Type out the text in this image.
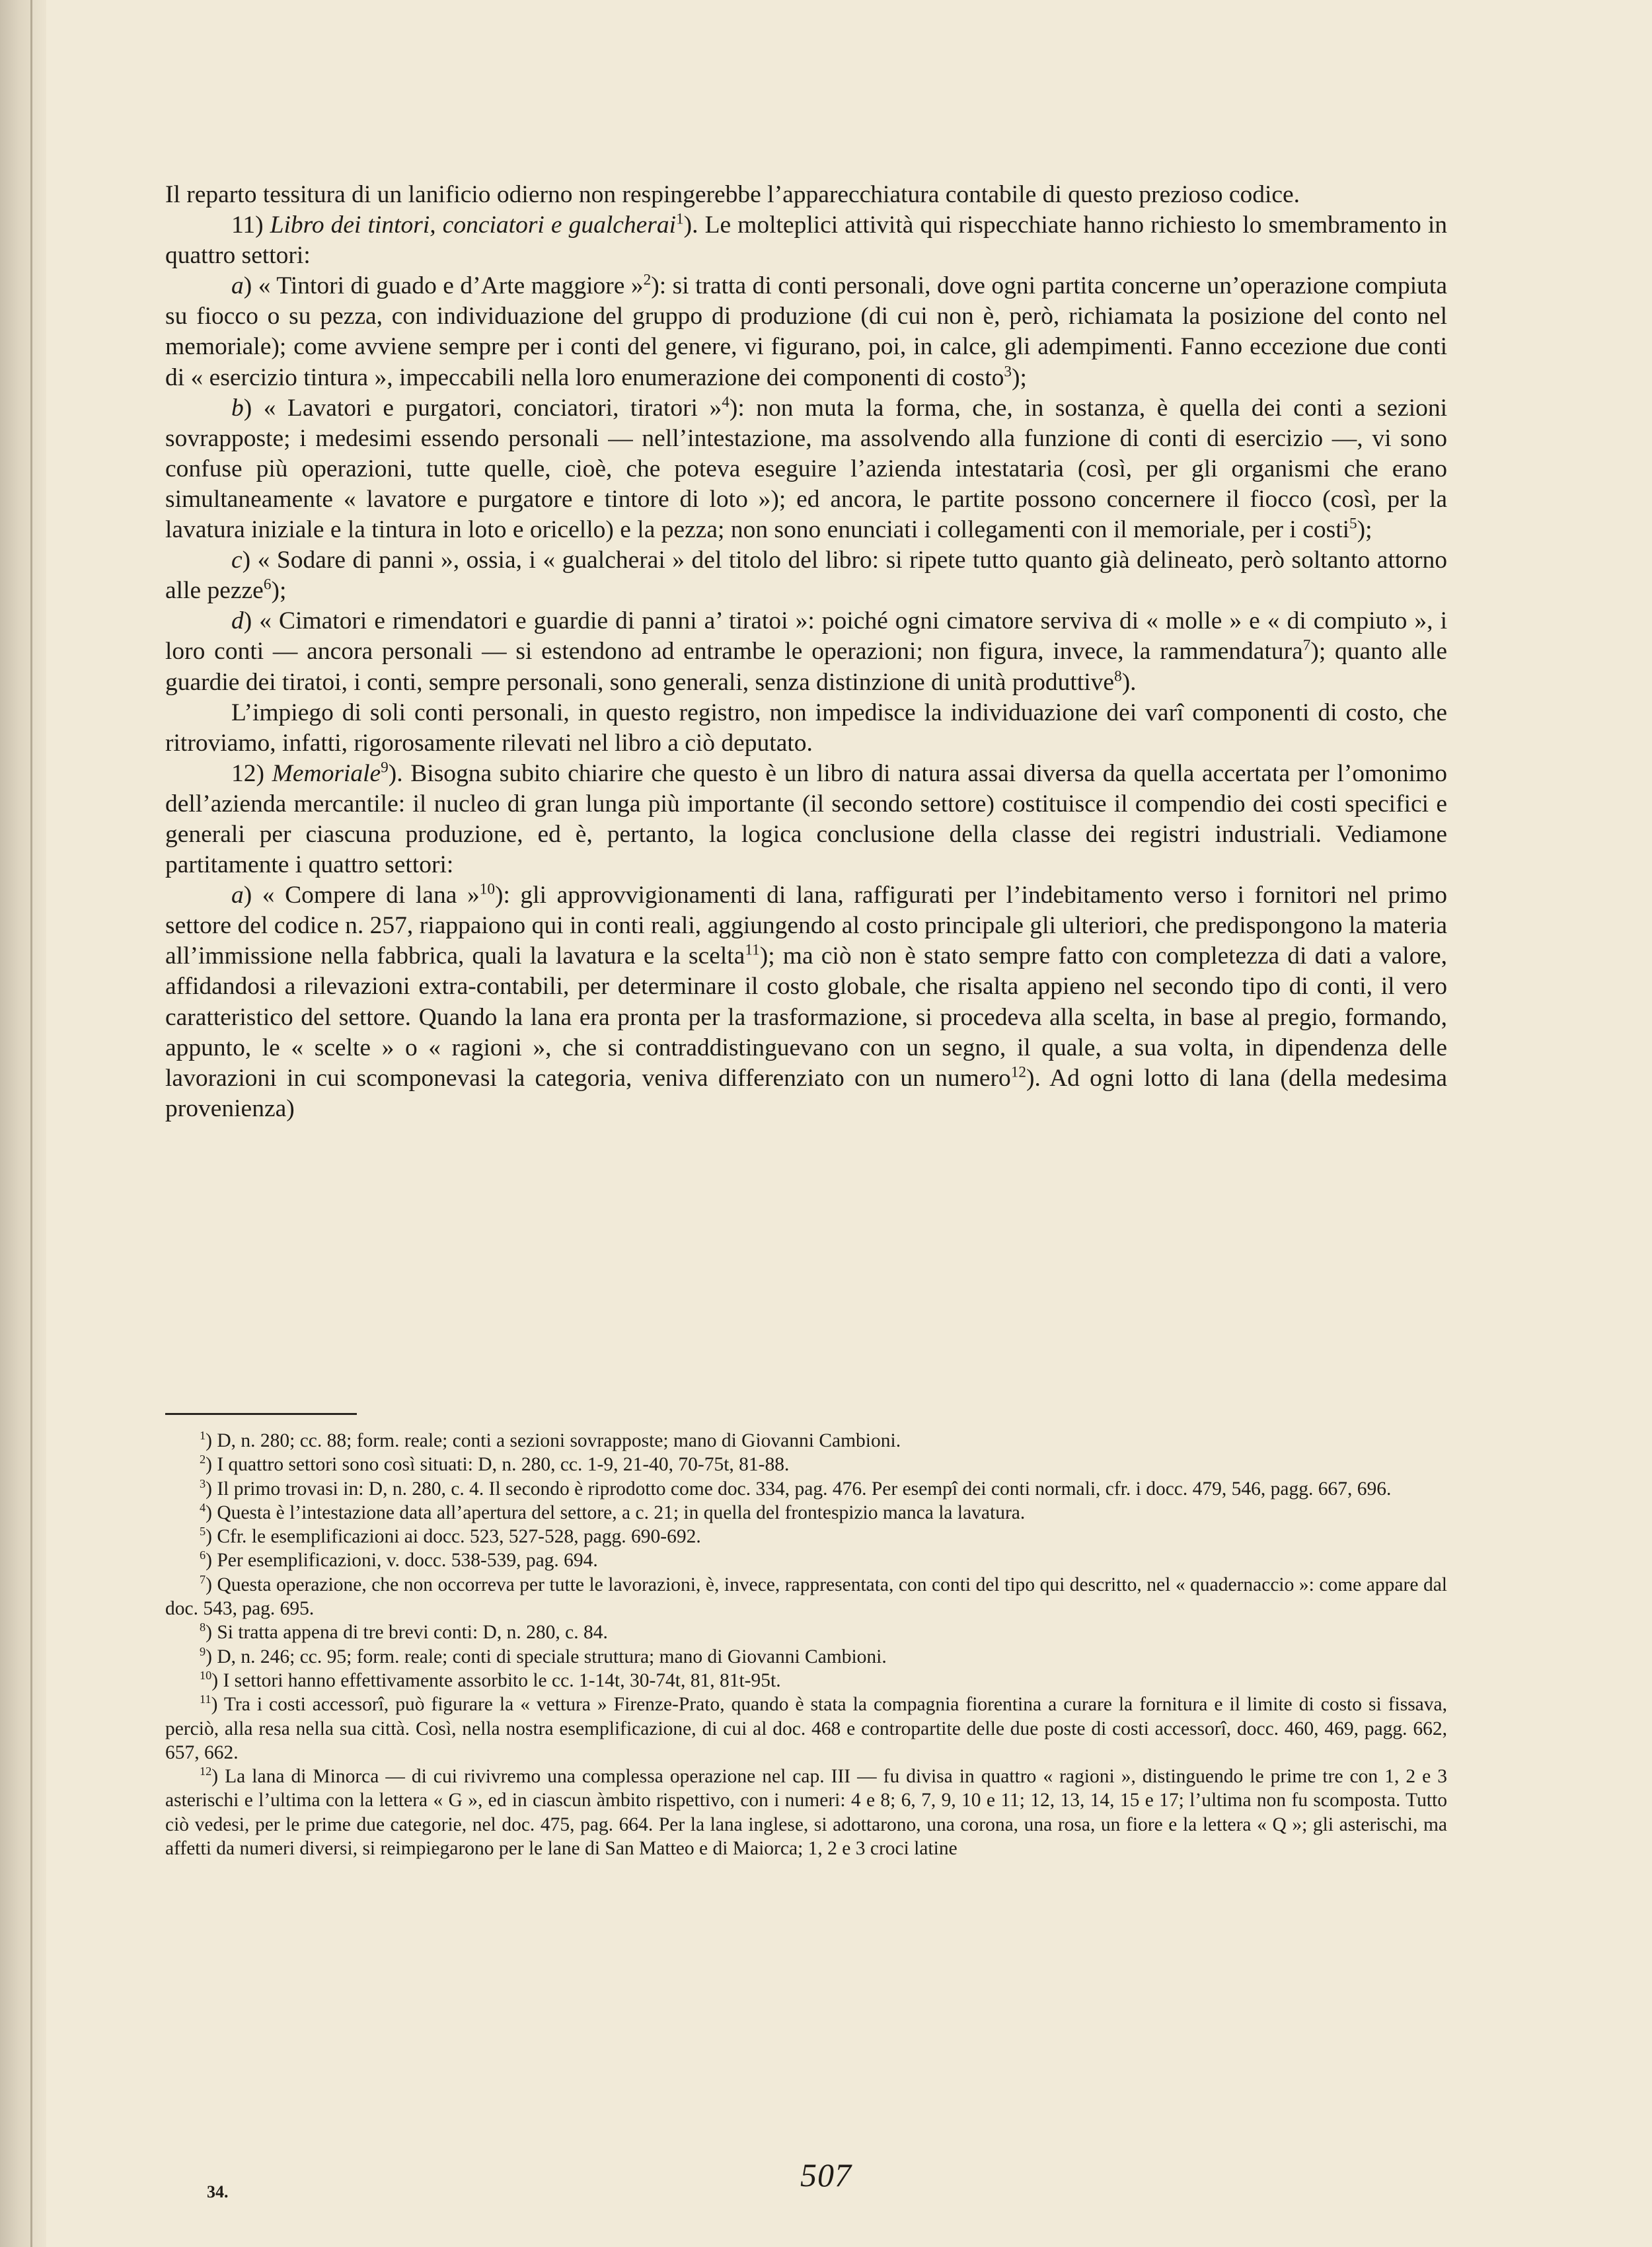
Il reparto tessitura di un lanificio odierno non respingerebbe l’apparecchiatura contabile di questo prezioso codice.

11) Libro dei tintori, conciatori e gualcherai$^1$). Le molteplici attività qui rispecchiate hanno richiesto lo smembramento in quattro settori:

a) « Tintori di guado e d’Arte maggiore »$^2$): si tratta di conti personali, dove ogni partita concerne un’operazione compiuta su fiocco o su pezza, con individuazione del gruppo di produzione (di cui non è, però, richiamata la posizione del conto nel memoriale); come avviene sempre per i conti del genere, vi figurano, poi, in calce, gli adempimenti. Fanno eccezione due conti di « esercizio tintura », impeccabili nella loro enumerazione dei componenti di costo$^3$);

b) « Lavatori e purgatori, conciatori, tiratori »$^4$): non muta la forma, che, in sostanza, è quella dei conti a sezioni sovrapposte; i medesimi essendo personali — nell’intestazione, ma assolvendo alla funzione di conti di esercizio —, vi sono confuse più operazioni, tutte quelle, cioè, che poteva eseguire l’azienda intestataria (così, per gli organismi che erano simultaneamente « lavatore e purgatore e tintore di loto »); ed ancora, le partite possono concernere il fiocco (così, per la lavatura iniziale e la tintura in loto e oricello) e la pezza; non sono enunciati i collegamenti con il memoriale, per i costi$^5$);

c) « Sodare di panni », ossia, i « gualcherai » del titolo del libro: si ripete tutto quanto già delineato, però soltanto attorno alle pezze$^6$);

d) « Cimatori e rimendatori e guardie di panni a’ tiratoi »: poiché ogni cimatore serviva di « molle » e « di compiuto », i loro conti — ancora personali — si estendono ad entrambe le operazioni; non figura, invece, la rammendatura$^7$); quanto alle guardie dei tiratoi, i conti, sempre personali, sono generali, senza distinzione di unità produttive$^8$).

L’impiego di soli conti personali, in questo registro, non impedisce la individuazione dei varî componenti di costo, che ritroviamo, infatti, rigorosamente rilevati nel libro a ciò deputato.

12) Memoriale$^9$). Bisogna subito chiarire che questo è un libro di natura assai diversa da quella accertata per l’omonimo dell’azienda mercantile: il nucleo di gran lunga più importante (il secondo settore) costituisce il compendio dei costi specifici e generali per ciascuna produzione, ed è, pertanto, la logica conclusione della classe dei registri industriali. Vediamone partitamente i quattro settori:

a) « Compere di lana »$^{10}$): gli approvvigionamenti di lana, raffigurati per l’indebitamento verso i fornitori nel primo settore del codice n. 257, riappaiono qui in conti reali, aggiungendo al costo principale gli ulteriori, che predispongono la materia all’immissione nella fabbrica, quali la lavatura e la scelta$^{11}$); ma ciò non è stato sempre fatto con completezza di dati a valore, affidandosi a rilevazioni extra-contabili, per determinare il costo globale, che risalta appieno nel secondo tipo di conti, il vero caratteristico del settore. Quando la lana era pronta per la trasformazione, si procedeva alla scelta, in base al pregio, formando, appunto, le « scelte » o « ragioni », che si contraddistinguevano con un segno, il quale, a sua volta, in dipendenza delle lavorazioni in cui scomponevasi la categoria, veniva differenziato con un numero$^{12}$). Ad ogni lotto di lana (della medesima provenienza)

$^1$) D, n. 280; cc. 88; form. reale; conti a sezioni sovrapposte; mano di Giovanni Cambioni.

$^2$) I quattro settori sono così situati: D, n. 280, cc. 1-9, 21-40, 70-75t, 81-88.

$^3$) Il primo trovasi in: D, n. 280, c. 4. Il secondo è riprodotto come doc. 334, pag. 476. Per esempî dei conti normali, cfr. i docc. 479, 546, pagg. 667, 696.

$^4$) Questa è l’intestazione data all’apertura del settore, a c. 21; in quella del frontespizio manca la lavatura.

$^5$) Cfr. le esemplificazioni ai docc. 523, 527-528, pagg. 690-692.

$^6$) Per esemplificazioni, v. docc. 538-539, pag. 694.

$^7$) Questa operazione, che non occorreva per tutte le lavorazioni, è, invece, rappresentata, con conti del tipo qui descritto, nel « quadernaccio »: come appare dal doc. 543, pag. 695.

$^8$) Si tratta appena di tre brevi conti: D, n. 280, c. 84.

$^9$) D, n. 246; cc. 95; form. reale; conti di speciale struttura; mano di Giovanni Cambioni.

$^{10}$) I settori hanno effettivamente assorbito le cc. 1-14t, 30-74t, 81, 81t-95t.

$^{11}$) Tra i costi accessorî, può figurare la « vettura » Firenze-Prato, quando è stata la compagnia fiorentina a curare la fornitura e il limite di costo si fissava, perciò, alla resa nella sua città. Così, nella nostra esemplificazione, di cui al doc. 468 e contropartite delle due poste di costi accessorî, docc. 460, 469, pagg. 662, 657, 662.

$^{12}$) La lana di Minorca — di cui rivivremo una complessa operazione nel cap. III — fu divisa in quattro « ragioni », distinguendo le prime tre con 1, 2 e 3 asterischi e l’ultima con la lettera « G », ed in ciascun àmbito rispettivo, con i numeri: 4 e 8; 6, 7, 9, 10 e 11; 12, 13, 14, 15 e 17; l’ultima non fu scomposta. Tutto ciò vedesi, per le prime due categorie, nel doc. 475, pag. 664. Per la lana inglese, si adottarono, una corona, una rosa, un fiore e la lettera « Q »; gli asterischi, ma affetti da numeri diversi, si reimpiegarono per le lane di San Matteo e di Maiorca; 1, 2 e 3 croci latine

507
34.
